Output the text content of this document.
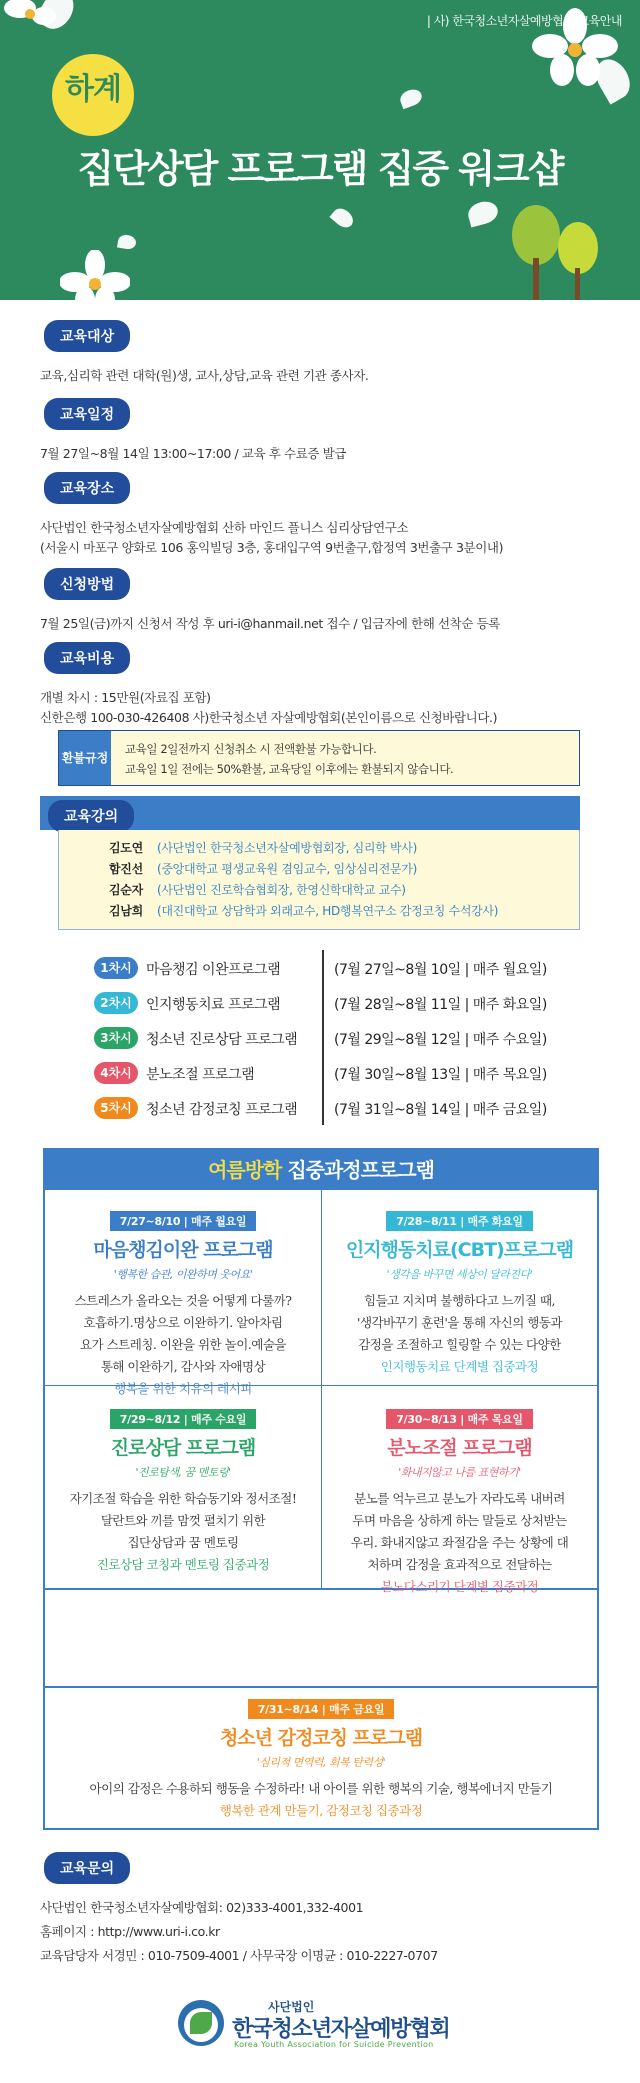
| 사) 한국청소년자살예방협회 교육안내
하계
집단상담 프로그램 집중 워크샵
교육대상
교육,심리학 관련 대학(원)생, 교사,상담,교육 관련 기관 종사자.
교육일정
7월 27일~8월 14일 13:00~17:00 / 교육 후 수료증 발급
교육장소
사단법인 한국청소년자살예방협회 산하 마인드 플니스 심리상담연구소
(서울시 마포구 양화로 106 홍익빌딩 3층, 홍대입구역 9번출구,합정역 3번출구 3분이내)
신청방법
7월 25일(금)까지 신청서 작성 후 uri-i@hanmail.net 접수 / 입금자에 한해 선착순 등록
교육비용
개별 차시 : 15만원(자료집 포함)
신한은행 100-030-426408 사)한국청소년 자살예방협회(본인이름으로 신청바랍니다.)
환불규정
교육일 2일전까지 신청취소 시 전액환불 가능합니다.
교육일 1일 전에는 50%환불, 교육당일 이후에는 환불되지 않습니다.
교육강의
김도연 (사단법인 한국청소년자살예방협회장, 심리학 박사)
함진선 (중앙대학교 평생교육원 겸임교수, 임상심리전문가)
김순자 (사단법인 진로학습협회장, 한영신학대학교 교수)
김남희 (대진대학교 상담학과 외래교수, HD행복연구소 감정코칭 수석강사)
1차시	마음챙김 이완프로그램	(7월 27일~8월 10일 | 매주 월요일)
2차시	인지행동치료 프로그램	(7월 28일~8월 11일 | 매주 화요일)
3차시	청소년 진로상담 프로그램	(7월 29일~8월 12일 | 매주 수요일)
4차시	분노조절 프로그램	(7월 30일~8월 13일 | 매주 목요일)
5차시	청소년 감정코칭 프로그램	(7월 31일~8월 14일 | 매주 금요일)
여름방학 집중과정프로그램
7/27~8/10 | 매주 월요일
마음챙김이완 프로그램
'행복한 습관, 이완하며 웃어요'
스트레스가 올라오는 것을 어떻게 다룰까?
호흡하기.명상으로 이완하기. 알아차림
요가 스트레칭. 이완을 위한 놀이.예술을
통해 이완하기, 감사와 자애명상
행복을 위한 치유의 레시피
7/28~8/11 | 매주 화요일
인지행동치료(CBT)프로그램
'생각을 바꾸면 세상이 달라진다'
힘들고 지치며 불행하다고 느끼질 때,
'생각바꾸기 훈련'을 통해 자신의 행동과
감정을 조절하고 힐링할 수 있는 다양한
인지행동치료 단계별 집중과정
7/29~8/12 | 매주 수요일
진로상담 프로그램
'진로탐색, 꿈 멘토링'
자기조절 학습을 위한 학습동기와 정서조절!
달란트와 끼를 맘껏 펼치기 위한
집단상담과 꿈 멘토링
진로상담 코칭과 멘토링 집중과정
7/30~8/13 | 매주 목요일
분노조절 프로그램
'화내지않고 나를 표현하기'
분노를 억누르고 분노가 자라도록 내버려
두며 마음을 상하게 하는 말들로 상처받는
우리. 화내지않고 좌절감을 주는 상황에 대
처하며 감정을 효과적으로 전달하는
분노다스리기 단계별 집중과정
7/31~8/14 | 매주 금요일
청소년 감정코칭 프로그램
'심리적 면역력, 회복 탄력성'
아이의 감정은 수용하되 행동을 수정하라! 내 아이를 위한 행복의 기술, 행복에너지 만들기
행복한 관계 만들기, 감정코칭 집중과정
교육문의
사단법인 한국청소년자살예방협회: 02)333-4001,332-4001
홈페이지 : http://www.uri-i.co.kr
교육담당자 서경민 : 010-7509-4001 / 사무국장 이명균 : 010-2227-0707
사단법인
한국청소년자살예방협회
Korea Youth Association for Suicide Prevention
